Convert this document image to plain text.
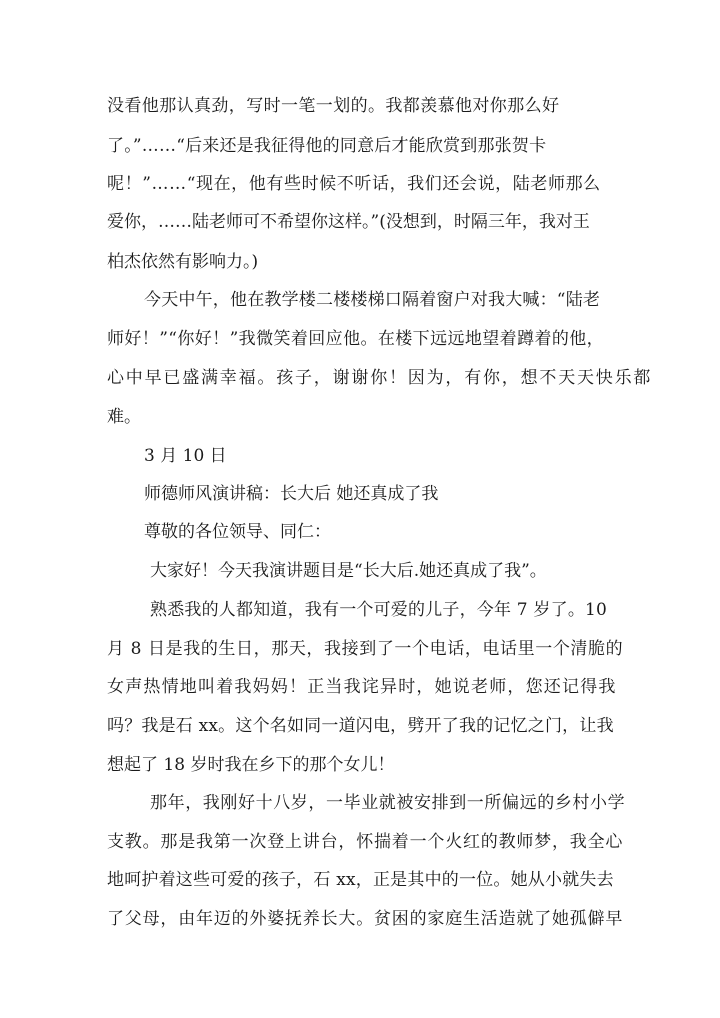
没看他那认真劲，写时一笔一划的。我都羡慕他对你那么好
了。”……“后来还是我征得他的同意后才能欣赏到那张贺卡
呢！”……“现在，他有些时候不听话，我们还会说，陆老师那么
爱你，……陆老师可不希望你这样。”(没想到，时隔三年，我对王
柏杰依然有影响力。)
今天中午，他在教学楼二楼楼梯口隔着窗户对我大喊：“陆老
师好！”“你好！”我微笑着回应他。在楼下远远地望着蹲着的他，
心中早已盛满幸福。孩子，谢谢你！因为，有你，想不天天快乐都
难。
3 月 10 日
师德师风演讲稿：长大后 她还真成了我
尊敬的各位领导、同仁：
大家好！今天我演讲题目是“长大后.她还真成了我”。
熟悉我的人都知道，我有一个可爱的儿子，今年 7 岁了。10
月 8 日是我的生日，那天，我接到了一个电话，电话里一个清脆的
女声热情地叫着我妈妈！正当我诧异时，她说老师，您还记得我
吗？我是石 xx。这个名如同一道闪电，劈开了我的记忆之门，让我
想起了 18 岁时我在乡下的那个女儿！
那年，我刚好十八岁，一毕业就被安排到一所偏远的乡村小学
支教。那是我第一次登上讲台，怀揣着一个火红的教师梦，我全心
地呵护着这些可爱的孩子，石 xx，正是其中的一位。她从小就失去
了父母，由年迈的外婆抚养长大。贫困的家庭生活造就了她孤僻早
